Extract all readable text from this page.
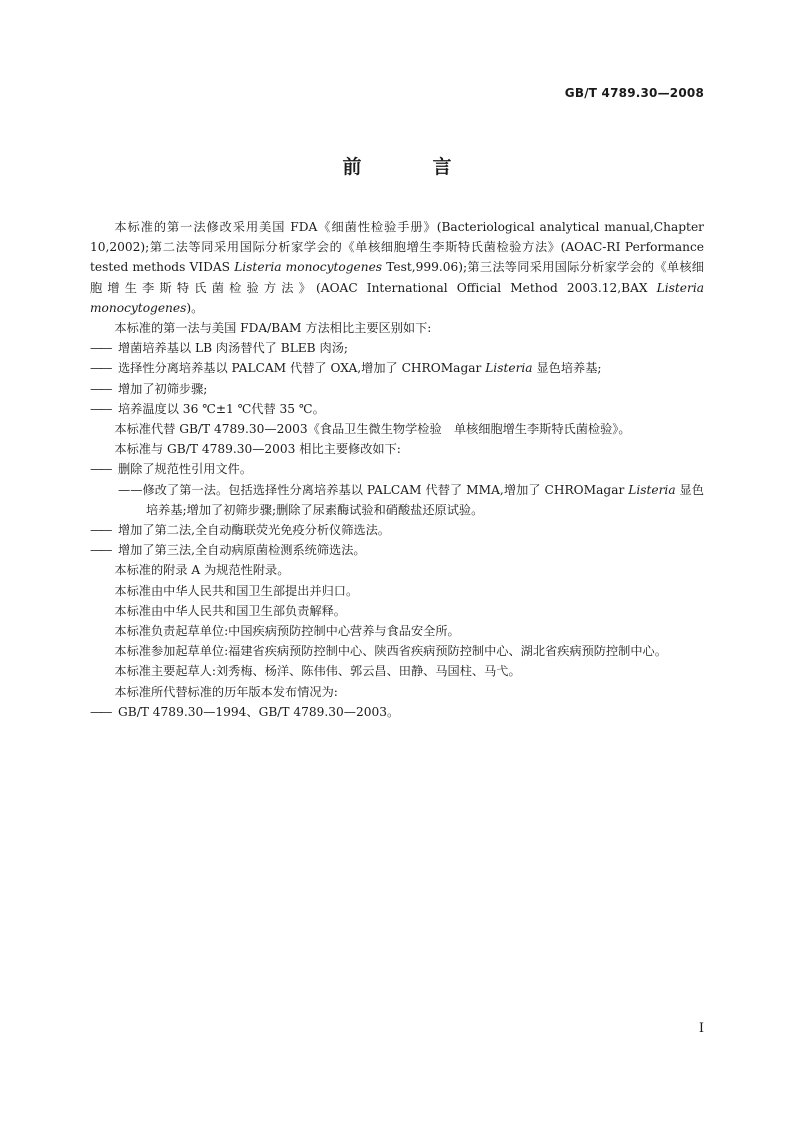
GB/T 4789.30—2008
前　言

本标准的第一法修改采用美国 FDA《细菌性检验手册》(Bacteriological analytical manual,Chapter 10,2002);第二法等同采用国际分析家学会的《单核细胞增生李斯特氏菌检验方法》(AOAC-RI Performance tested methods VIDAS Listeria monocytogenes Test,999.06);第三法等同采用国际分析家学会的《单核细胞增生李斯特氏菌检验方法》(AOAC International Official Method 2003.12,BAX Listeria monocytogenes)。

本标准的第一法与美国 FDA/BAM 方法相比主要区别如下:

—— 增菌培养基以 LB 肉汤替代了 BLEB 肉汤;

—— 选择性分离培养基以 PALCAM 代替了 OXA,增加了 CHROMagar Listeria 显色培养基;

—— 增加了初筛步骤;

—— 培养温度以 36 ℃±1 ℃代替 35 ℃。

本标准代替 GB/T 4789.30—2003《食品卫生微生物学检验　单核细胞增生李斯特氏菌检验》。

本标准与 GB/T 4789.30—2003 相比主要修改如下:

—— 删除了规范性引用文件。

——修改了第一法。包括选择性分离培养基以 PALCAM 代替了 MMA,增加了 CHROMagar Listeria 显色培养基;增加了初筛步骤;删除了尿素酶试验和硝酸盐还原试验。

—— 增加了第二法,全自动酶联荧光免疫分析仪筛选法。

—— 增加了第三法,全自动病原菌检测系统筛选法。

本标准的附录 A 为规范性附录。

本标准由中华人民共和国卫生部提出并归口。

本标准由中华人民共和国卫生部负责解释。

本标准负责起草单位:中国疾病预防控制中心营养与食品安全所。

本标准参加起草单位:福建省疾病预防控制中心、陕西省疾病预防控制中心、湖北省疾病预防控制中心。

本标准主要起草人:刘秀梅、杨洋、陈伟伟、郭云昌、田静、马国柱、马弋。

本标准所代替标准的历年版本发布情况为:

—— GB/T 4789.30—1994、GB/T 4789.30—2003。

I
